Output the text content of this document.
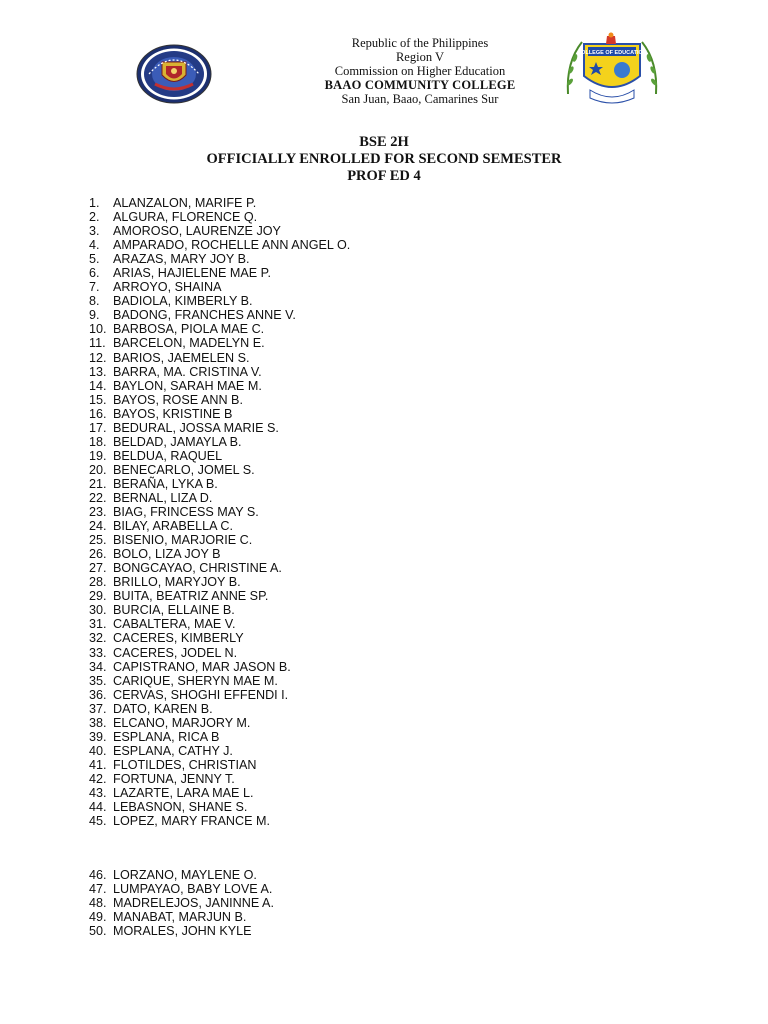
Republic of the Philippines
Region V
Commission on Higher Education
BAAO COMMUNITY COLLEGE
San Juan, Baao, Camarines Sur
COLLEGE OF EDUCATION
BSE 2H
OFFICIALLY ENROLLED FOR SECOND SEMESTER
PROF ED 4
1.	ALANZALON, MARIFE P.
2.	ALGURA, FLORENCE Q.
3.	AMOROSO, LAURENZE JOY
4.	AMPARADO, ROCHELLE ANN ANGEL O.
5.	ARAZAS, MARY JOY B.
6.	ARIAS, HAJIELENE MAE P.
7.	ARROYO, SHAINA
8.	BADIOLA, KIMBERLY B.
9.	BADONG, FRANCHES ANNE V.
10. BARBOSA, PIOLA MAE C.
11. BARCELON, MADELYN E.
12. BARIOS, JAEMELEN S.
13. BARRA, MA. CRISTINA V.
14. BAYLON, SARAH MAE M.
15. BAYOS, ROSE ANN B.
16. BAYOS, KRISTINE B
17. BEDURAL, JOSSA MARIE S.
18. BELDAD, JAMAYLA B.
19. BELDUA, RAQUEL
20. BENECARLO, JOMEL S.
21. BERAÑA, LYKA B.
22. BERNAL, LIZA D.
23. BIAG, FRINCESS MAY S.
24. BILAY, ARABELLA C.
25. BISENIO, MARJORIE C.
26. BOLO, LIZA JOY B
27. BONGCAYAO, CHRISTINE A.
28. BRILLO, MARYJOY B.
29. BUITA, BEATRIZ ANNE SP.
30. BURCIA, ELLAINE B.
31. CABALTERA, MAE V.
32. CACERES, KIMBERLY
33. CACERES, JODEL N.
34. CAPISTRANO, MAR JASON B.
35. CARIQUE, SHERYN MAE M.
36. CERVAS, SHOGHI EFFENDI I.
37. DATO, KAREN B.
38. ELCANO, MARJORY M.
39. ESPLANA, RICA B
40. ESPLANA, CATHY J.
41. FLOTILDES, CHRISTIAN
42. FORTUNA, JENNY T.
43. LAZARTE, LARA MAE L.
44. LEBASNON, SHANE S.
45. LOPEZ, MARY FRANCE M.
46. LORZANO, MAYLENE O.
47. LUMPAYAO, BABY LOVE A.
48. MADRELEJOS, JANINNE A.
49. MANABAT, MARJUN B.
50. MORALES, JOHN KYLE
